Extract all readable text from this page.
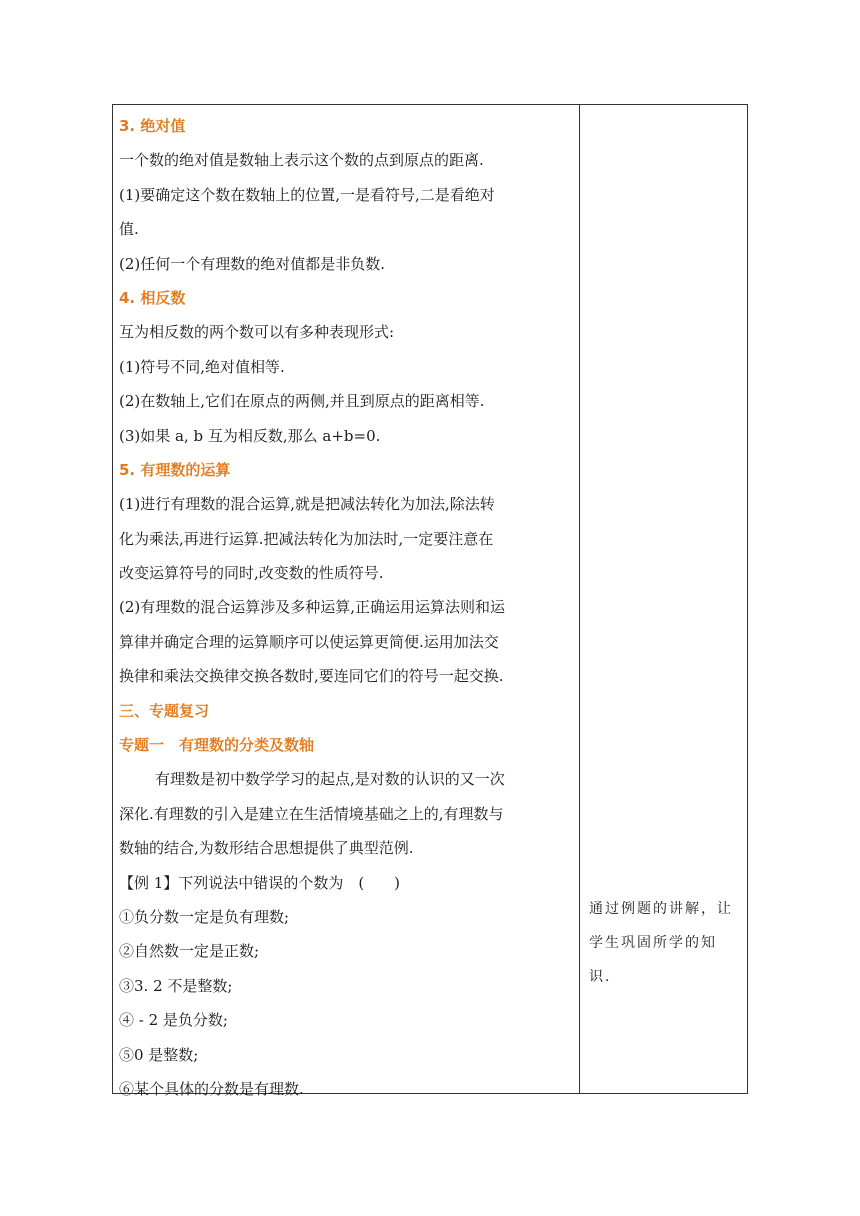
3. 绝对值
一个数的绝对值是数轴上表示这个数的点到原点的距离.
(1)要确定这个数在数轴上的位置,一是看符号,二是看绝对
值.
(2)任何一个有理数的绝对值都是非负数.
4. 相反数
互为相反数的两个数可以有多种表现形式:
(1)符号不同,绝对值相等.
(2)在数轴上,它们在原点的两侧,并且到原点的距离相等.
(3)如果 a, b 互为相反数,那么 a+b=0.
5. 有理数的运算
(1)进行有理数的混合运算,就是把减法转化为加法,除法转
化为乘法,再进行运算.把减法转化为加法时,一定要注意在
改变运算符号的同时,改变数的性质符号.
(2)有理数的混合运算涉及多种运算,正确运用运算法则和运
算律并确定合理的运算顺序可以使运算更简便.运用加法交
换律和乘法交换律交换各数时,要连同它们的符号一起交换.
三、专题复习
专题一　有理数的分类及数轴
有理数是初中数学学习的起点,是对数的认识的又一次
深化.有理数的引入是建立在生活情境基础之上的,有理数与
数轴的结合,为数形结合思想提供了典型范例.
【例 1】下列说法中错误的个数为　(　　)
①负分数一定是负有理数;
②自然数一定是正数;
③3. 2 不是整数;
④ - 2 是负分数;
⑤0 是整数;
⑥某个具体的分数是有理数.
通过例题的讲解，让
学生巩固所学的知
识.
